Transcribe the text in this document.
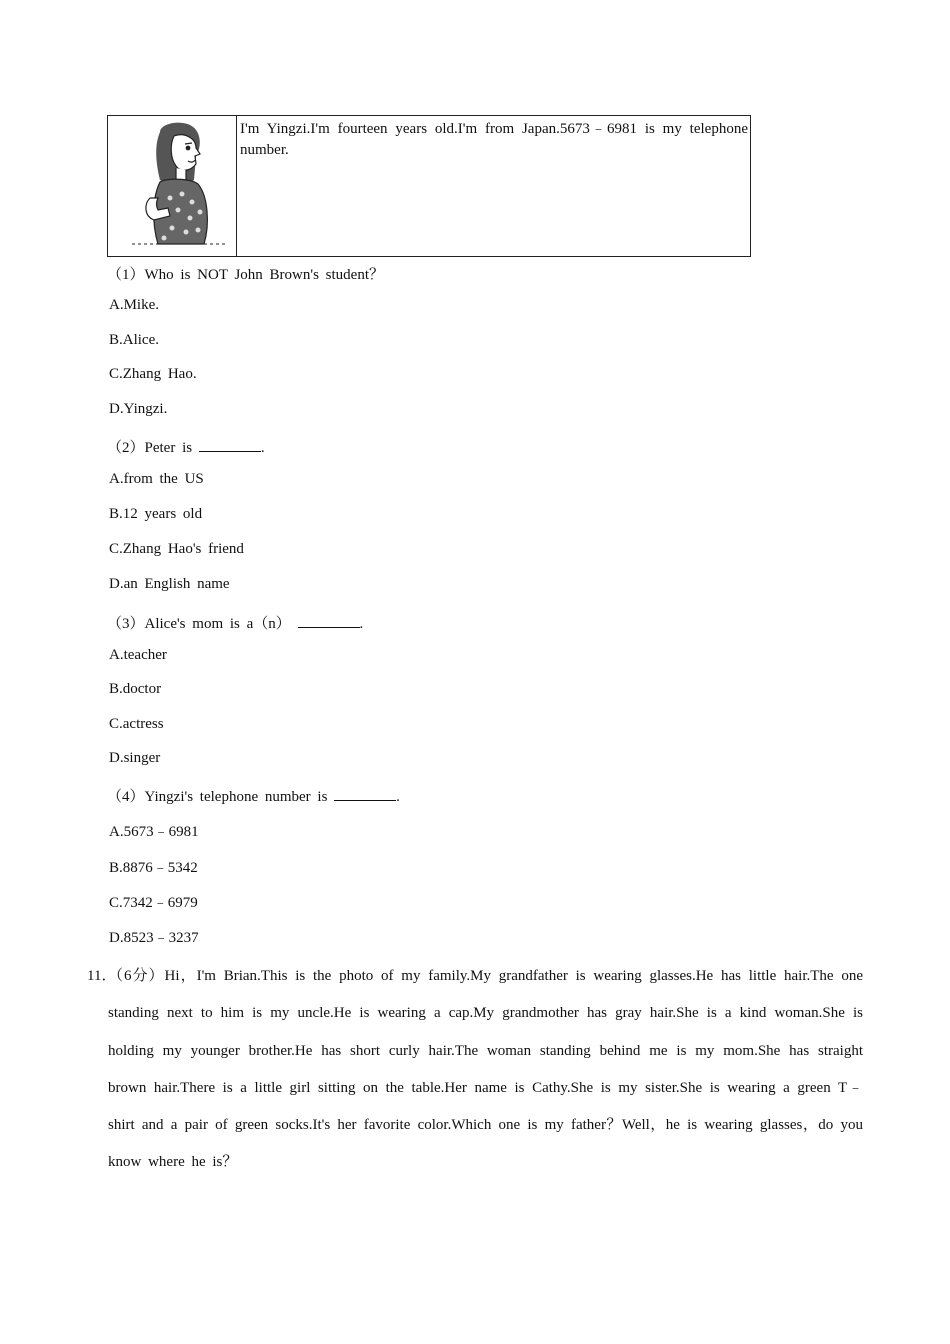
I'm Yingzi.I'm fourteen years old.I'm from Japan.5673﹣6981 is my telephone number.
（1）Who is NOT John Brown's student？
A.Mike.
B.Alice.
C.Zhang Hao.
D.Yingzi.
（2）Peter is	.
A.from the US
B.12 years old
C.Zhang Hao's friend
D.an English name
（3）Alice's mom is a（n）	.
A.teacher
B.doctor
C.actress
D.singer
（4）Yingzi's telephone number is	.
A.5673﹣6981
B.8876﹣5342
C.7342﹣6979
D.8523﹣3237
11．
（6分）Hi，I'm Brian.This is the photo of my family.My grandfather is wearing glasses.He has little hair.The one standing next to him is my uncle.He is wearing a cap.My grandmother has gray hair.She is a kind woman.She is holding my younger brother.He has short curly hair.The woman standing behind me is my mom.She has straight brown hair.There is a little girl sitting on the table.Her name is Cathy.She is my sister.She is wearing a green T﹣shirt and a pair of green socks.It's her favorite color.Which one is my father？Well，he is wearing glasses，do you know where he is？
